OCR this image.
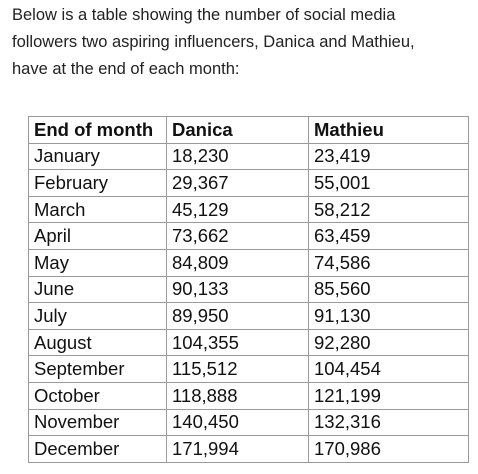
Below is a table showing the number of social media
followers two aspiring influencers, Danica and Mathieu,
have at the end of each month:

End of month	Danica	Mathieu
January	18,230	23,419
February	29,367	55,001
March	45,129	58,212
April	73,662	63,459
May	84,809	74,586
June	90,133	85,560
July	89,950	91,130
August	104,355	92,280
September	115,512	104,454
October	118,888	121,199
November	140,450	132,316
December	171,994	170,986
